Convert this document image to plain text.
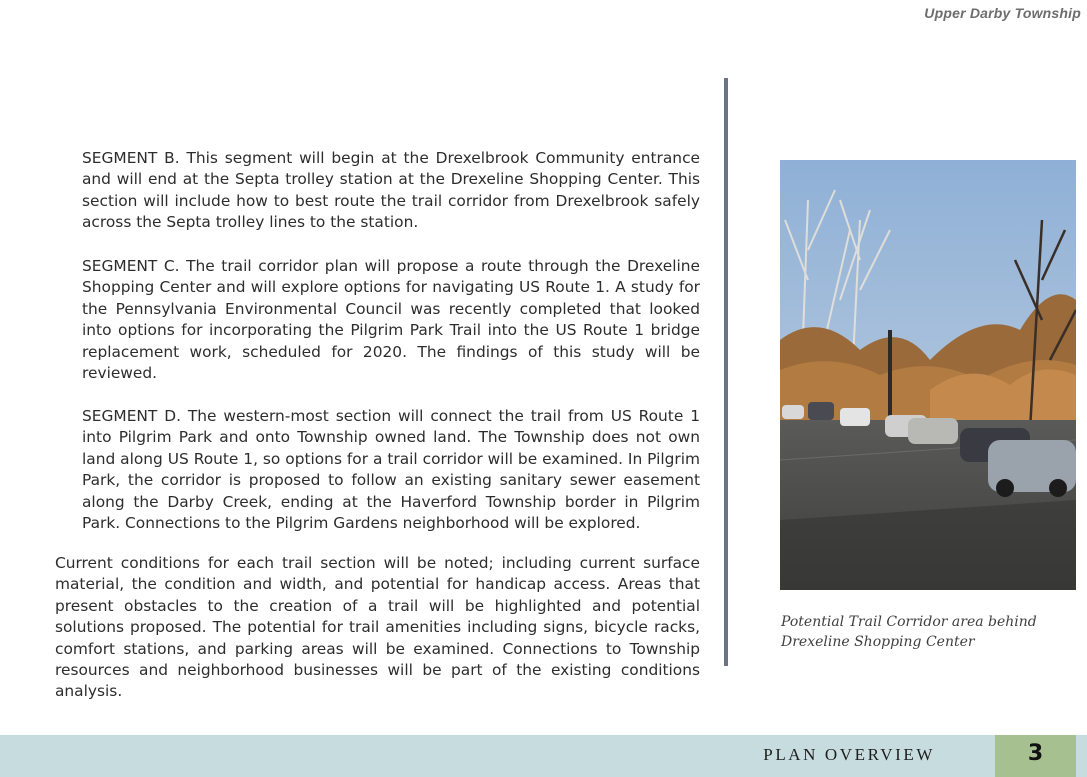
Upper Darby Township

SEGMENT B. This segment will begin at the Drexelbrook Community entrance and will end at the Septa trolley station at the Drexeline Shopping Center. This section will include how to best route the trail corridor from Drexelbrook safely across the Septa trolley lines to the station.

SEGMENT C. The trail corridor plan will propose a route through the Drexeline Shopping Center and will explore options for navigating US Route 1. A study for the Pennsylvania Environmental Council was recently completed that looked into options for incorporating the Pilgrim Park Trail into the US Route 1 bridge replacement work, scheduled for 2020. The findings of this study will be reviewed.

SEGMENT D. The western-most section will connect the trail from US Route 1 into Pilgrim Park and onto Township owned land. The Township does not own land along US Route 1, so options for a trail corridor will be examined. In Pilgrim Park, the corridor is proposed to follow an existing sanitary sewer easement along the Darby Creek, ending at the Haverford Township border in Pilgrim Park. Connections to the Pilgrim Gardens neighborhood will be explored.

Current conditions for each trail section will be noted; including current surface material, the condition and width, and potential for handicap access. Areas that present obstacles to the creation of a trail will be highlighted and potential solutions proposed. The potential for trail amenities including signs, bicycle racks, comfort stations, and parking areas will be examined. Connections to Township resources and neighborhood businesses will be part of the existing conditions analysis.

Potential Trail Corridor area behind Drexeline Shopping Center
PLAN OVERVIEW	3
